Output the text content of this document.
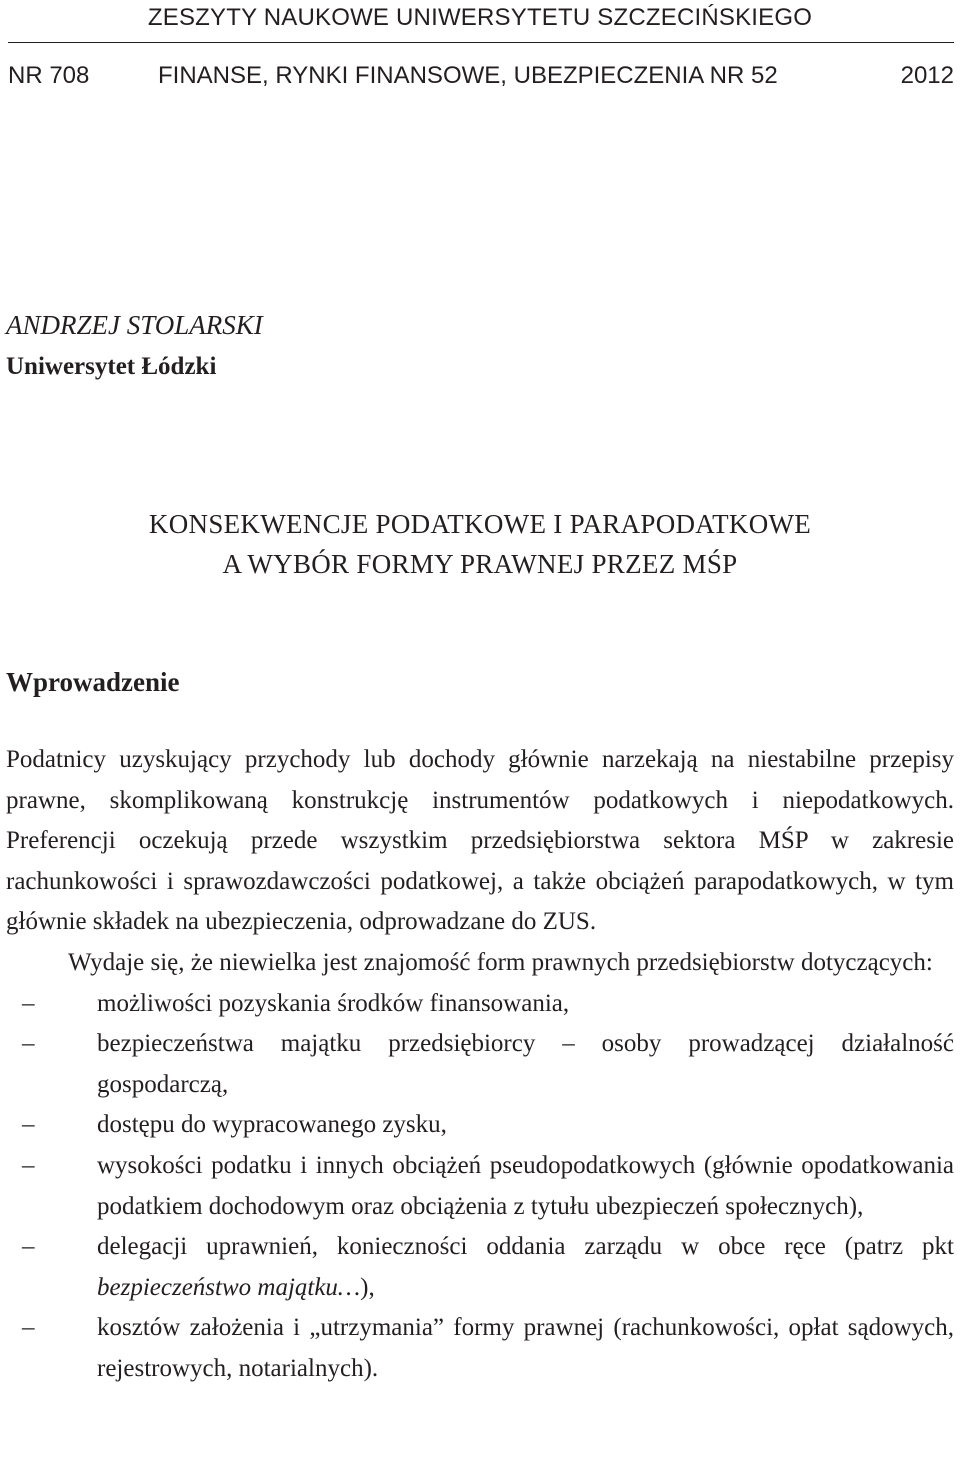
ZESZYTY NAUKOWE UNIWERSYTETU SZCZECIŃSKIEGO
NR 708	FINANSE, RYNKI FINANSOWE, UBEZPIECZENIA NR 52	2012
ANDRZEJ STOLARSKI
Uniwersytet Łódzki
KONSEKWENCJE PODATKOWE I PARAPODATKOWE
A WYBÓR FORMY PRAWNEJ PRZEZ MŚP
Wprowadzenie

Podatnicy uzyskujący przychody lub dochody głównie narzekają na niestabilne przepisy prawne, skomplikowaną konstrukcję instrumentów podatkowych i niepodatkowych. Preferencji oczekują przede wszystkim przedsiębiorstwa sektora MŚP w zakresie rachunkowości i sprawozdawczości podatkowej, a także obciążeń parapodatkowych, w tym głównie składek na ubezpieczenia, odprowadzane do ZUS.

Wydaje się, że niewielka jest znajomość form prawnych przedsiębiorstw dotyczących:

–	możliwości pozyskania środków finansowania,
–	bezpieczeństwa majątku przedsiębiorcy – osoby prowadzącej działalność gospodarczą,
–	dostępu do wypracowanego zysku,
–	wysokości podatku i innych obciążeń pseudopodatkowych (głównie opodatkowania podatkiem dochodowym oraz obciążenia z tytułu ubezpieczeń społecznych),
–	delegacji uprawnień, konieczności oddania zarządu w obce ręce (patrz pkt bezpieczeństwo majątku…),
–	kosztów założenia i „utrzymania” formy prawnej (rachunkowości, opłat sądowych, rejestrowych, notarialnych).
